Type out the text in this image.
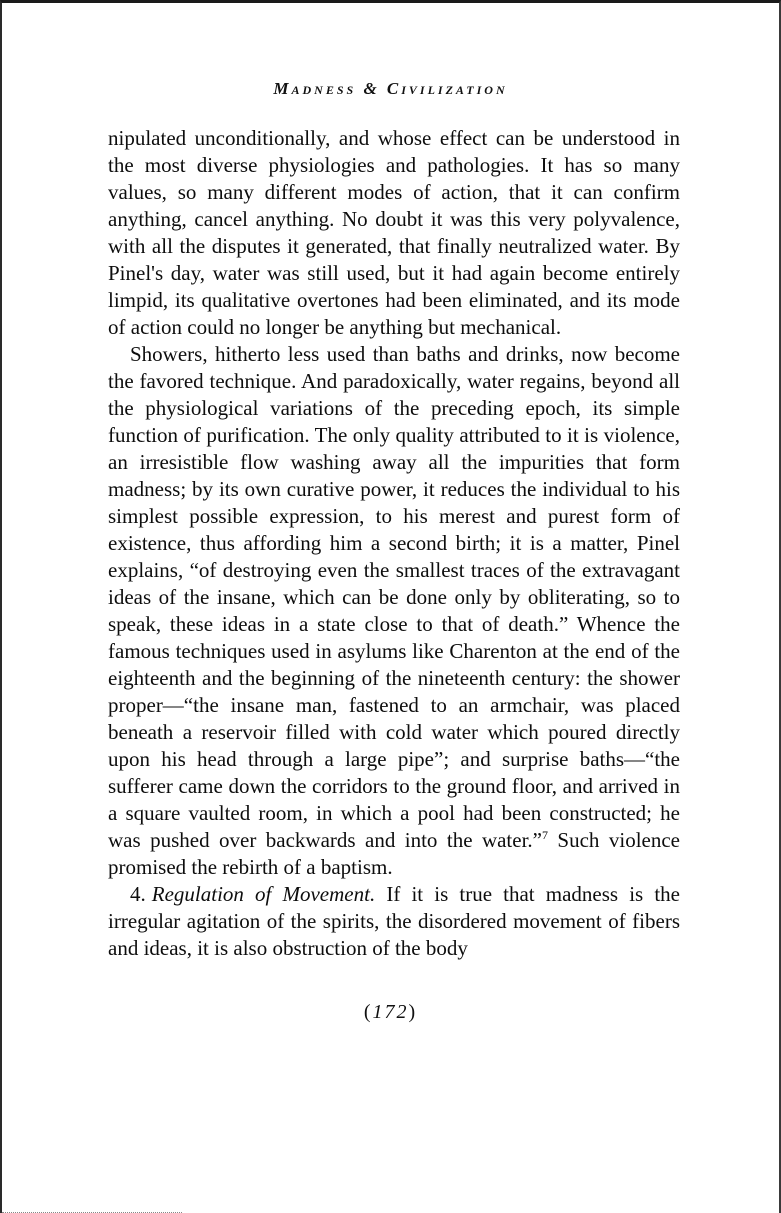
Madness & Civilization

nipulated unconditionally, and whose effect can be understood in the most diverse physiologies and pathologies. It has so many values, so many different modes of action, that it can confirm anything, cancel anything. No doubt it was this very polyvalence, with all the disputes it generated, that finally neutralized water. By Pinel's day, water was still used, but it had again become entirely limpid, its qualitative overtones had been eliminated, and its mode of action could no longer be anything but mechanical.

Showers, hitherto less used than baths and drinks, now become the favored technique. And paradoxically, water regains, beyond all the physiological variations of the preceding epoch, its simple function of purification. The only quality attributed to it is violence, an irresistible flow washing away all the impurities that form madness; by its own curative power, it reduces the individual to his simplest possible expression, to his merest and purest form of existence, thus affording him a second birth; it is a matter, Pinel explains, “of destroying even the smallest traces of the extravagant ideas of the insane, which can be done only by obliterating, so to speak, these ideas in a state close to that of death.” Whence the famous techniques used in asylums like Charenton at the end of the eighteenth and the beginning of the nineteenth century: the shower proper—“the insane man, fastened to an armchair, was placed beneath a reservoir filled with cold water which poured directly upon his head through a large pipe”; and surprise baths—“the sufferer came down the corridors to the ground floor, and arrived in a square vaulted room, in which a pool had been constructed; he was pushed over backwards and into the water.”$^7$ Such violence promised the rebirth of a baptism.

4. Regulation of Movement. If it is true that madness is the irregular agitation of the spirits, the disordered movement of fibers and ideas, it is also obstruction of the body

(172)
